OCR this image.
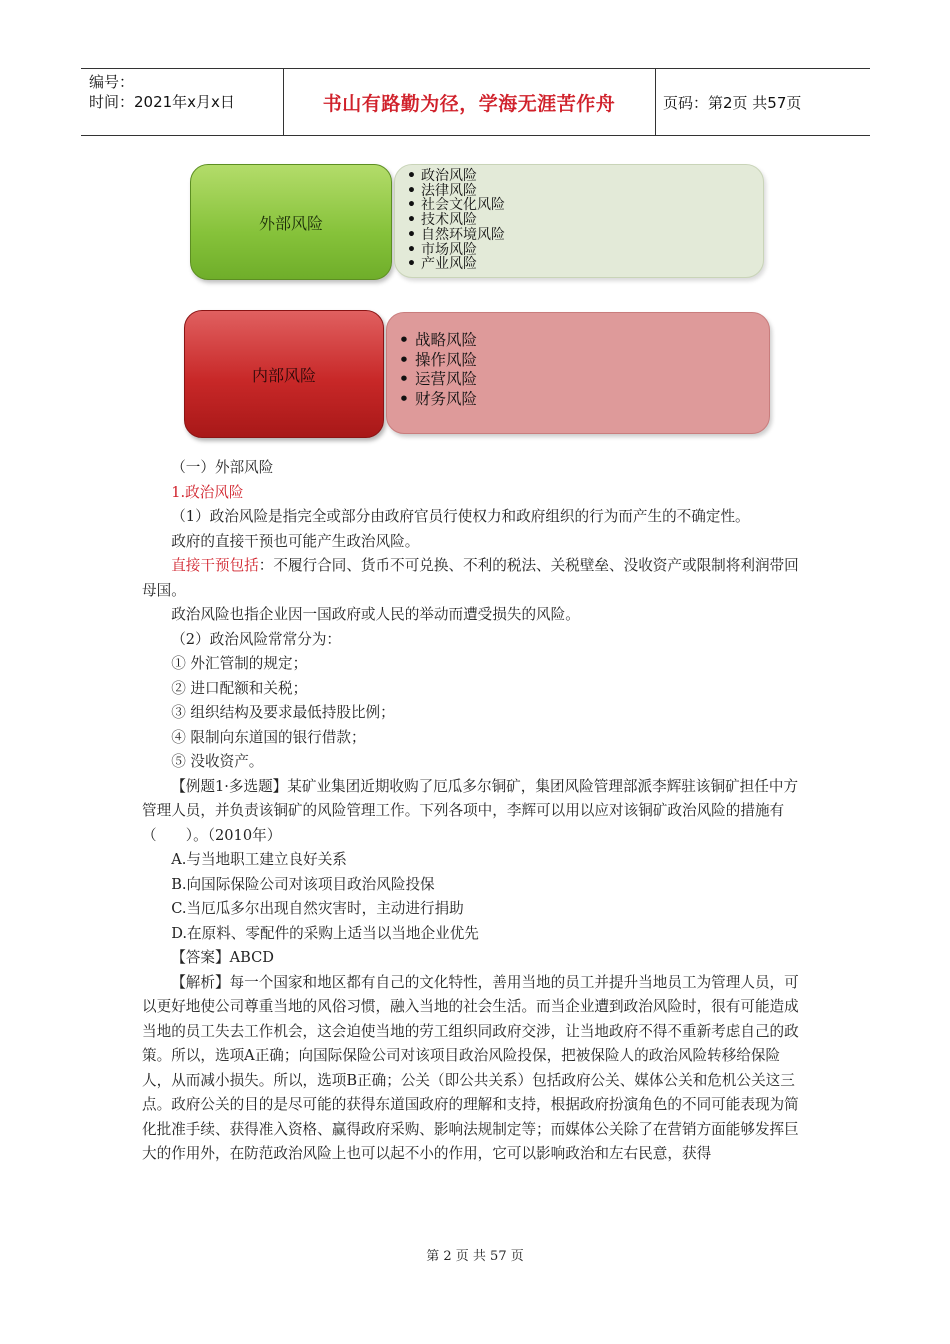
编号：
时间：2021年x月x日	书山有路勤为径，学海无涯苦作舟	页码：第2页 共57页
外部风险
• 政治风险
• 法律风险
• 社会文化风险
• 技术风险
• 自然环境风险
• 市场风险
• 产业风险
内部风险
• 战略风险
• 操作风险
• 运营风险
• 财务风险

（一）外部风险

1.政治风险

（1）政治风险是指完全或部分由政府官员行使权力和政府组织的行为而产生的不确定性。

政府的直接干预也可能产生政治风险。

直接干预包括：不履行合同、货币不可兑换、不利的税法、关税壁垒、没收资产或限制将利润带回母国。

政治风险也指企业因一国政府或人民的举动而遭受损失的风险。

（2）政治风险常常分为：

① 外汇管制的规定；

② 进口配额和关税；

③ 组织结构及要求最低持股比例；

④ 限制向东道国的银行借款；

⑤ 没收资产。

【例题1·多选题】某矿业集团近期收购了厄瓜多尔铜矿，集团风险管理部派李辉驻该铜矿担任中方管理人员，并负责该铜矿的风险管理工作。下列各项中，李辉可以用以应对该铜矿政治风险的措施有（　　）。（2010年）

A.与当地职工建立良好关系

B.向国际保险公司对该项目政治风险投保

C.当厄瓜多尔出现自然灾害时，主动进行捐助

D.在原料、零配件的采购上适当以当地企业优先

【答案】ABCD

【解析】每一个国家和地区都有自己的文化特性，善用当地的员工并提升当地员工为管理人员，可以更好地使公司尊重当地的风俗习惯，融入当地的社会生活。而当企业遭到政治风险时，很有可能造成当地的员工失去工作机会，这会迫使当地的劳工组织同政府交涉，让当地政府不得不重新考虑自己的政策。所以，选项A正确；向国际保险公司对该项目政治风险投保，把被保险人的政治风险转移给保险人，从而减小损失。所以，选项B正确；公关（即公共关系）包括政府公关、媒体公关和危机公关这三点。政府公关的目的是尽可能的获得东道国政府的理解和支持，根据政府扮演角色的不同可能表现为简化批准手续、获得准入资格、赢得政府采购、影响法规制定等；而媒体公关除了在营销方面能够发挥巨大的作用外，在防范政治风险上也可以起不小的作用，它可以影响政治和左右民意，获得

第 2 页 共 57 页
